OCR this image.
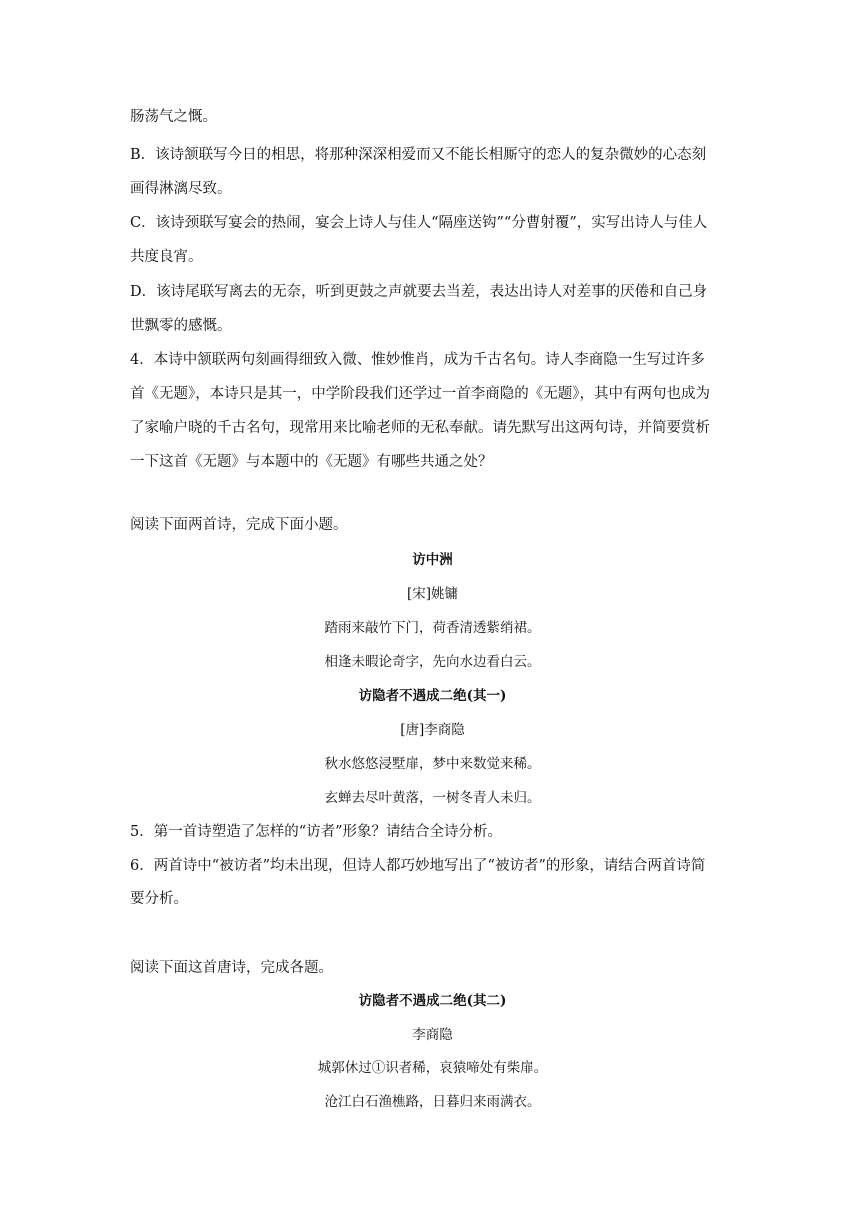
肠荡气之慨。
B．该诗颔联写今日的相思，将那种深深相爱而又不能长相厮守的恋人的复杂微妙的心态刻
画得淋漓尽致。
C．该诗颈联写宴会的热闹，宴会上诗人与佳人“隔座送钩”“分曹射覆”，实写出诗人与佳人
共度良宵。
D．该诗尾联写离去的无奈，听到更鼓之声就要去当差，表达出诗人对差事的厌倦和自己身
世飘零的感慨。
4．本诗中颔联两句刻画得细致入微、惟妙惟肖，成为千古名句。诗人李商隐一生写过许多
首《无题》，本诗只是其一，中学阶段我们还学过一首李商隐的《无题》，其中有两句也成为
了家喻户晓的千古名句，现常用来比喻老师的无私奉献。请先默写出这两句诗，并简要赏析
一下这首《无题》与本题中的《无题》有哪些共通之处？
阅读下面两首诗，完成下面小题。
访中洲
[宋]姚镛
踏雨来敲竹下门，荷香清透紫绡裙。
相逢未暇论奇字，先向水边看白云。
访隐者不遇成二绝(其一)
[唐]李商隐
秋水悠悠浸墅扉，梦中来数觉来稀。
玄蝉去尽叶黄落，一树冬青人未归。
5．第一首诗塑造了怎样的“访者”形象？请结合全诗分析。
6．两首诗中“被访者”均未出现，但诗人都巧妙地写出了“被访者”的形象，请结合两首诗简
要分析。
阅读下面这首唐诗，完成各题。
访隐者不遇成二绝(其二)
李商隐
城郭休过①识者稀，哀猿啼处有柴扉。
沧江白石渔樵路，日暮归来雨满衣。
